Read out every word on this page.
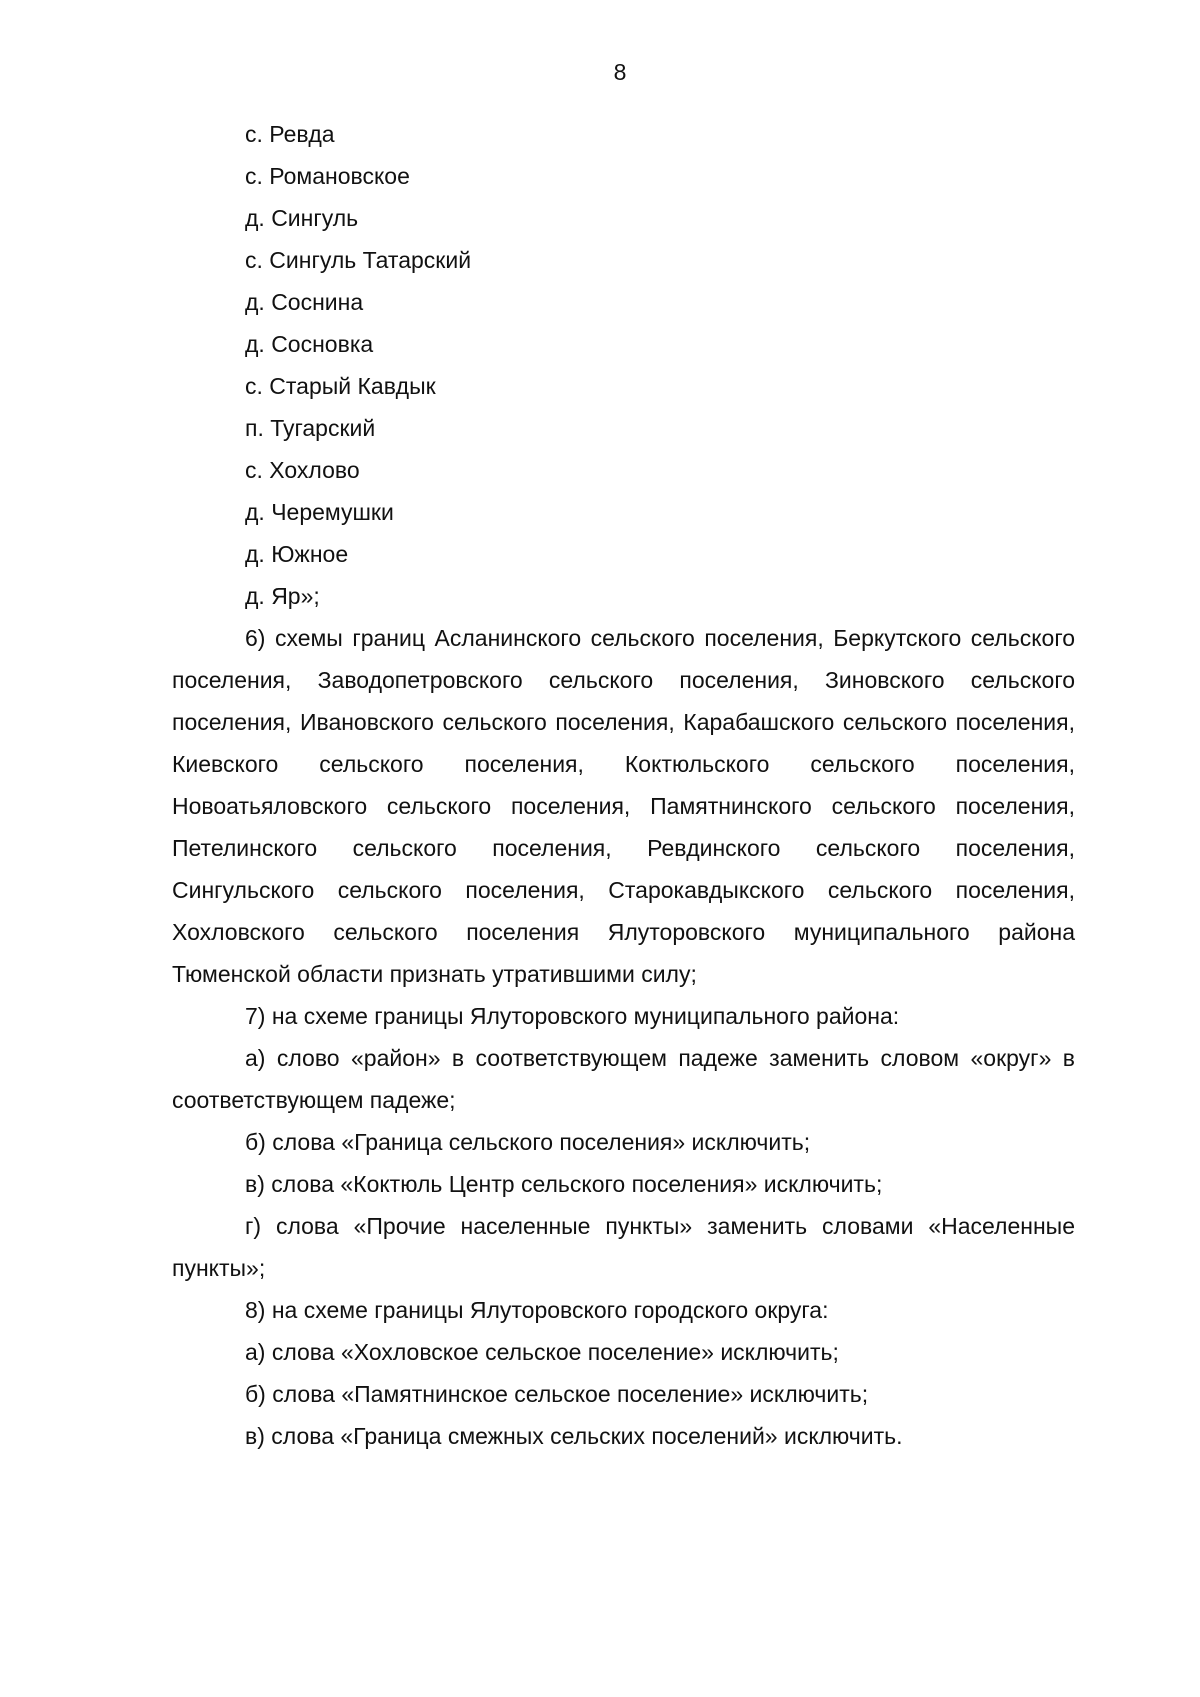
8

с. Ревда

с. Романовское

д. Сингуль

с. Сингуль Татарский

д. Соснина

д. Сосновка

с. Старый Кавдык

п. Тугарский

с. Хохлово

д. Черемушки

д. Южное

д. Яр»;

6) схемы границ Асланинского сельского поселения, Беркутского сельского поселения, Заводопетровского сельского поселения, Зиновского сельского поселения, Ивановского сельского поселения, Карабашского сельского поселения, Киевского сельского поселения, Коктюльского сельского поселения, Новоатьяловского сельского поселения, Памятнинского сельского поселения, Петелинского сельского поселения, Ревдинского сельского поселения, Сингульского сельского поселения, Старокавдыкского сельского поселения, Хохловского сельского поселения Ялуторовского муниципального района Тюменской области признать утратившими силу;

7) на схеме границы Ялуторовского муниципального района:

а) слово «район» в соответствующем падеже заменить словом «округ» в соответствующем падеже;

б) слова «Граница сельского поселения» исключить;

в) слова «Коктюль Центр сельского поселения» исключить;

г) слова «Прочие населенные пункты» заменить словами «Населенные пункты»;

8) на схеме границы Ялуторовского городского округа:

а) слова «Хохловское сельское поселение» исключить;

б) слова «Памятнинское сельское поселение» исключить;

в) слова «Граница смежных сельских поселений» исключить.
